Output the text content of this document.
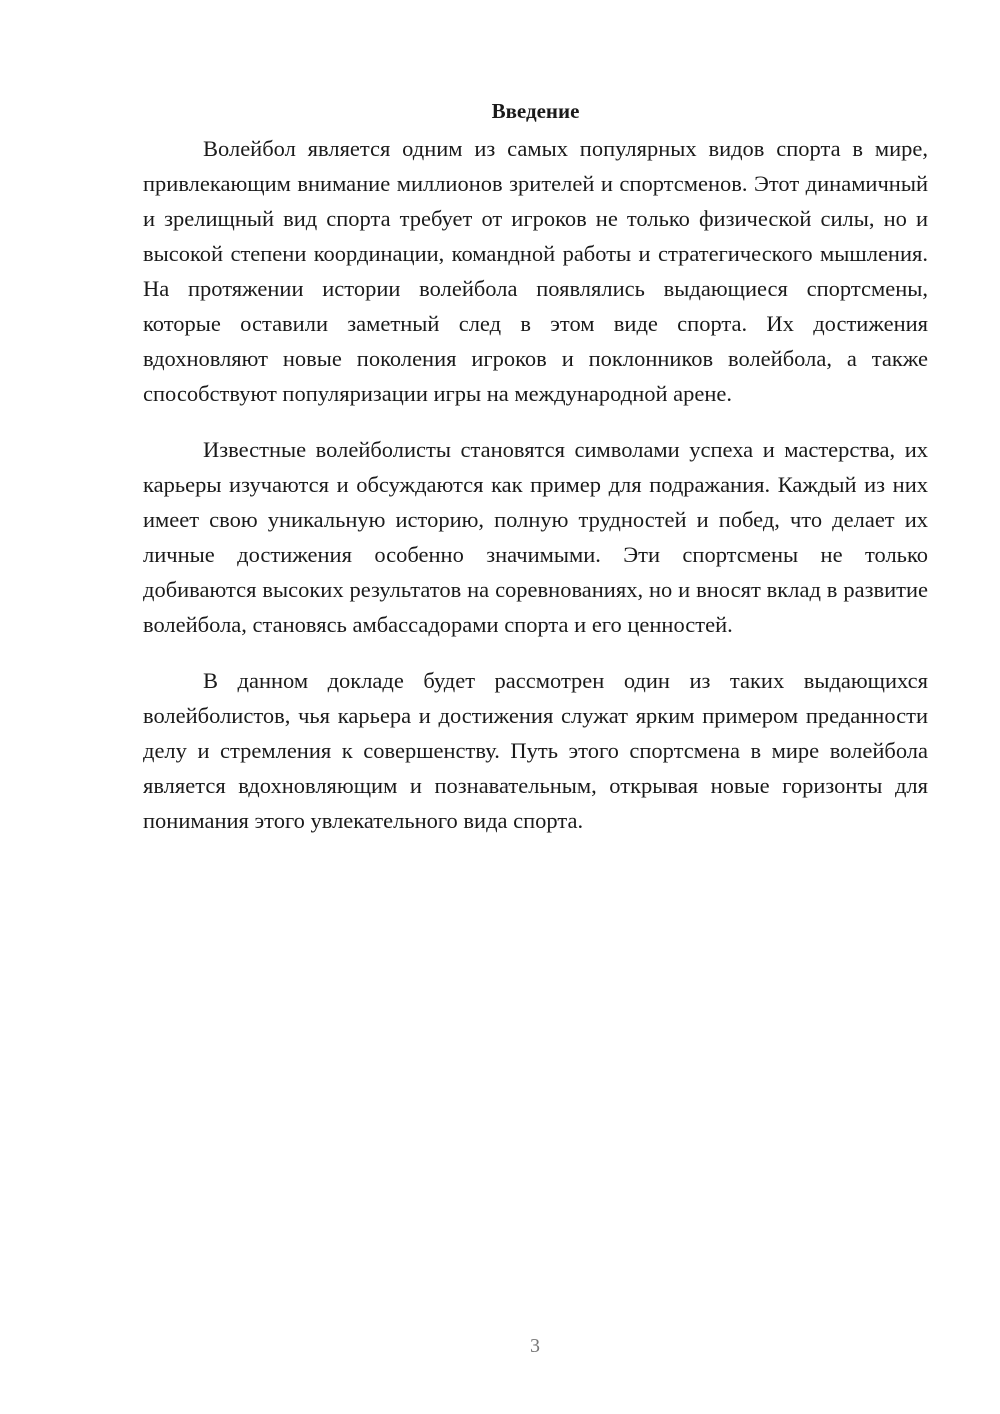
Введение

Волейбол является одним из самых популярных видов спорта в мире, привлекающим внимание миллионов зрителей и спортсменов. Этот динамичный и зрелищный вид спорта требует от игроков не только физической силы, но и высокой степени координации, командной работы и стратегического мышления. На протяжении истории волейбола появлялись выдающиеся спортсмены, которые оставили заметный след в этом виде спорта. Их достижения вдохновляют новые поколения игроков и поклонников волейбола, а также способствуют популяризации игры на международной арене.

Известные волейболисты становятся символами успеха и мастерства, их карьеры изучаются и обсуждаются как пример для подражания. Каждый из них имеет свою уникальную историю, полную трудностей и побед, что делает их личные достижения особенно значимыми. Эти спортсмены не только добиваются высоких результатов на соревнованиях, но и вносят вклад в развитие волейбола, становясь амбассадорами спорта и его ценностей.

В данном докладе будет рассмотрен один из таких выдающихся волейболистов, чья карьера и достижения служат ярким примером преданности делу и стремления к совершенству. Путь этого спортсмена в мире волейбола является вдохновляющим и познавательным, открывая новые горизонты для понимания этого увлекательного вида спорта.

3
